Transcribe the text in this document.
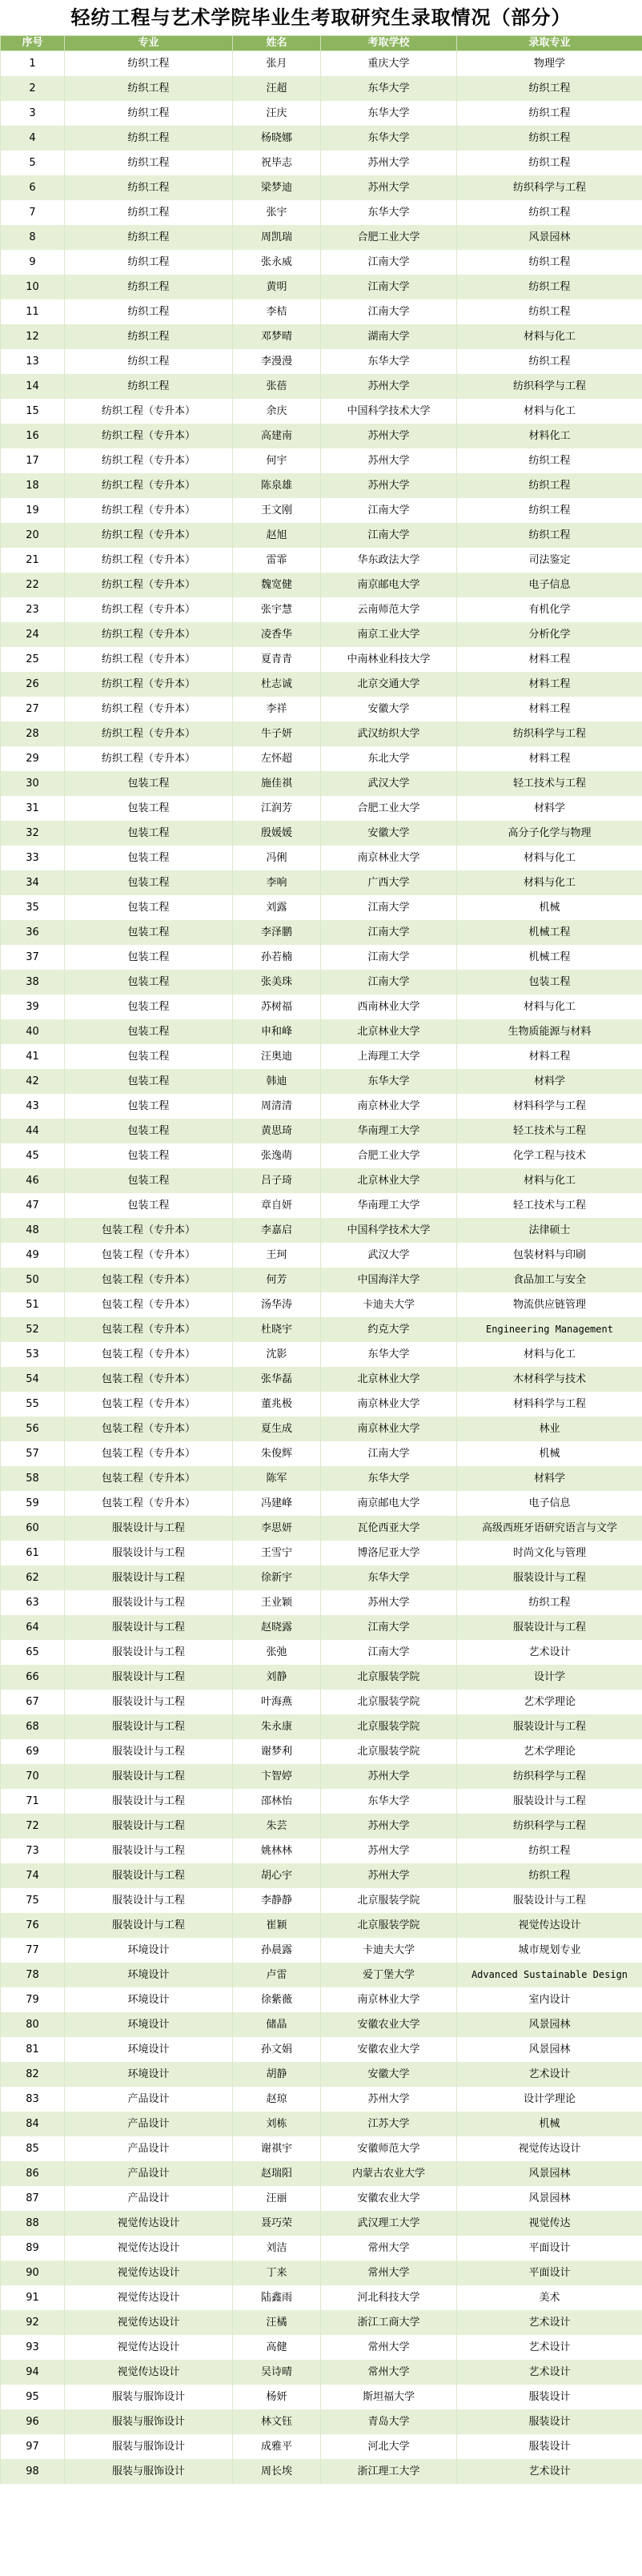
轻纺工程与艺术学院毕业生考取研究生录取情况（部分）
序号	专业	姓名	考取学校	录取专业
1	纺织工程	张月	重庆大学	物理学
2	纺织工程	汪超	东华大学	纺织工程
3	纺织工程	汪庆	东华大学	纺织工程
4	纺织工程	杨晓娜	东华大学	纺织工程
5	纺织工程	祝毕志	苏州大学	纺织工程
6	纺织工程	梁梦迪	苏州大学	纺织科学与工程
7	纺织工程	张宇	东华大学	纺织工程
8	纺织工程	周凯瑞	合肥工业大学	风景园林
9	纺织工程	张永威	江南大学	纺织工程
10	纺织工程	黄明	江南大学	纺织工程
11	纺织工程	李桔	江南大学	纺织工程
12	纺织工程	邓梦晴	湖南大学	材料与化工
13	纺织工程	李漫漫	东华大学	纺织工程
14	纺织工程	张蓓	苏州大学	纺织科学与工程
15	纺织工程（专升本）	余庆	中国科学技术大学	材料与化工
16	纺织工程（专升本）	高建南	苏州大学	材料化工
17	纺织工程（专升本）	何宇	苏州大学	纺织工程
18	纺织工程（专升本）	陈泉雄	苏州大学	纺织工程
19	纺织工程（专升本）	王文刚	江南大学	纺织工程
20	纺织工程（专升本）	赵旭	江南大学	纺织工程
21	纺织工程（专升本）	雷霏	华东政法大学	司法鉴定
22	纺织工程（专升本）	魏宽健	南京邮电大学	电子信息
23	纺织工程（专升本）	张宇慧	云南师范大学	有机化学
24	纺织工程（专升本）	凌香华	南京工业大学	分析化学
25	纺织工程（专升本）	夏青青	中南林业科技大学	材料工程
26	纺织工程（专升本）	杜志诚	北京交通大学	材料工程
27	纺织工程（专升本）	李祥	安徽大学	材料工程
28	纺织工程（专升本）	牛子妍	武汉纺织大学	纺织科学与工程
29	纺织工程（专升本）	左怀超	东北大学	材料工程
30	包装工程	施佳祺	武汉大学	轻工技术与工程
31	包装工程	江润芳	合肥工业大学	材料学
32	包装工程	殷媛媛	安徽大学	高分子化学与物理
33	包装工程	冯俐	南京林业大学	材料与化工
34	包装工程	李响	广西大学	材料与化工
35	包装工程	刘露	江南大学	机械
36	包装工程	李泽鹏	江南大学	机械工程
37	包装工程	孙若楠	江南大学	机械工程
38	包装工程	张美珠	江南大学	包装工程
39	包装工程	苏树福	西南林业大学	材料与化工
40	包装工程	申和峰	北京林业大学	生物质能源与材料
41	包装工程	汪奥迪	上海理工大学	材料工程
42	包装工程	韩迪	东华大学	材料学
43	包装工程	周清清	南京林业大学	材料科学与工程
44	包装工程	黄思琦	华南理工大学	轻工技术与工程
45	包装工程	张逸萌	合肥工业大学	化学工程与技术
46	包装工程	吕子琦	北京林业大学	材料与化工
47	包装工程	章自妍	华南理工大学	轻工技术与工程
48	包装工程（专升本）	李嘉启	中国科学技术大学	法律硕士
49	包装工程（专升本）	王珂	武汉大学	包装材料与印刷
50	包装工程（专升本）	何芳	中国海洋大学	食品加工与安全
51	包装工程（专升本）	汤华涛	卡迪夫大学	物流供应链管理
52	包装工程（专升本）	杜晓宇	约克大学	Engineering Management
53	包装工程（专升本）	沈影	东华大学	材料与化工
54	包装工程（专升本）	张华磊	北京林业大学	木材科学与技术
55	包装工程（专升本）	董兆极	南京林业大学	材料科学与工程
56	包装工程（专升本）	夏生成	南京林业大学	林业
57	包装工程（专升本）	朱俊辉	江南大学	机械
58	包装工程（专升本）	陈军	东华大学	材料学
59	包装工程（专升本）	冯建峰	南京邮电大学	电子信息
60	服装设计与工程	李思妍	瓦伦西亚大学	高级西班牙语研究语言与文学
61	服装设计与工程	王雪宁	博洛尼亚大学	时尚文化与管理
62	服装设计与工程	徐新宇	东华大学	服装设计与工程
63	服装设计与工程	王业颖	苏州大学	纺织工程
64	服装设计与工程	赵晓露	江南大学	服装设计与工程
65	服装设计与工程	张弛	江南大学	艺术设计
66	服装设计与工程	刘静	北京服装学院	设计学
67	服装设计与工程	叶海燕	北京服装学院	艺术学理论
68	服装设计与工程	朱永康	北京服装学院	服装设计与工程
69	服装设计与工程	谢梦利	北京服装学院	艺术学理论
70	服装设计与工程	卞智婷	苏州大学	纺织科学与工程
71	服装设计与工程	邵林怡	东华大学	服装设计与工程
72	服装设计与工程	朱芸	苏州大学	纺织科学与工程
73	服装设计与工程	姚林林	苏州大学	纺织工程
74	服装设计与工程	胡心宇	苏州大学	纺织工程
75	服装设计与工程	李静静	北京服装学院	服装设计与工程
76	服装设计与工程	崔颖	北京服装学院	视觉传达设计
77	环境设计	孙晨露	卡迪夫大学	城市规划专业
78	环境设计	卢雷	爱丁堡大学	Advanced Sustainable Design
79	环境设计	徐紫薇	南京林业大学	室内设计
80	环境设计	储晶	安徽农业大学	风景园林
81	环境设计	孙文娟	安徽农业大学	风景园林
82	环境设计	胡静	安徽大学	艺术设计
83	产品设计	赵琼	苏州大学	设计学理论
84	产品设计	刘栋	江苏大学	机械
85	产品设计	谢祺宇	安徽师范大学	视觉传达设计
86	产品设计	赵瑞阳	内蒙古农业大学	风景园林
87	产品设计	汪丽	安徽农业大学	风景园林
88	视觉传达设计	聂巧荣	武汉理工大学	视觉传达
89	视觉传达设计	刘洁	常州大学	平面设计
90	视觉传达设计	丁来	常州大学	平面设计
91	视觉传达设计	陆鑫雨	河北科技大学	美术
92	视觉传达设计	汪橘	浙江工商大学	艺术设计
93	视觉传达设计	高健	常州大学	艺术设计
94	视觉传达设计	吴诗晴	常州大学	艺术设计
95	服装与服饰设计	杨妍	斯坦福大学	服装设计
96	服装与服饰设计	林文钰	青岛大学	服装设计
97	服装与服饰设计	成雅平	河北大学	服装设计
98	服装与服饰设计	周长埃	浙江理工大学	艺术设计
